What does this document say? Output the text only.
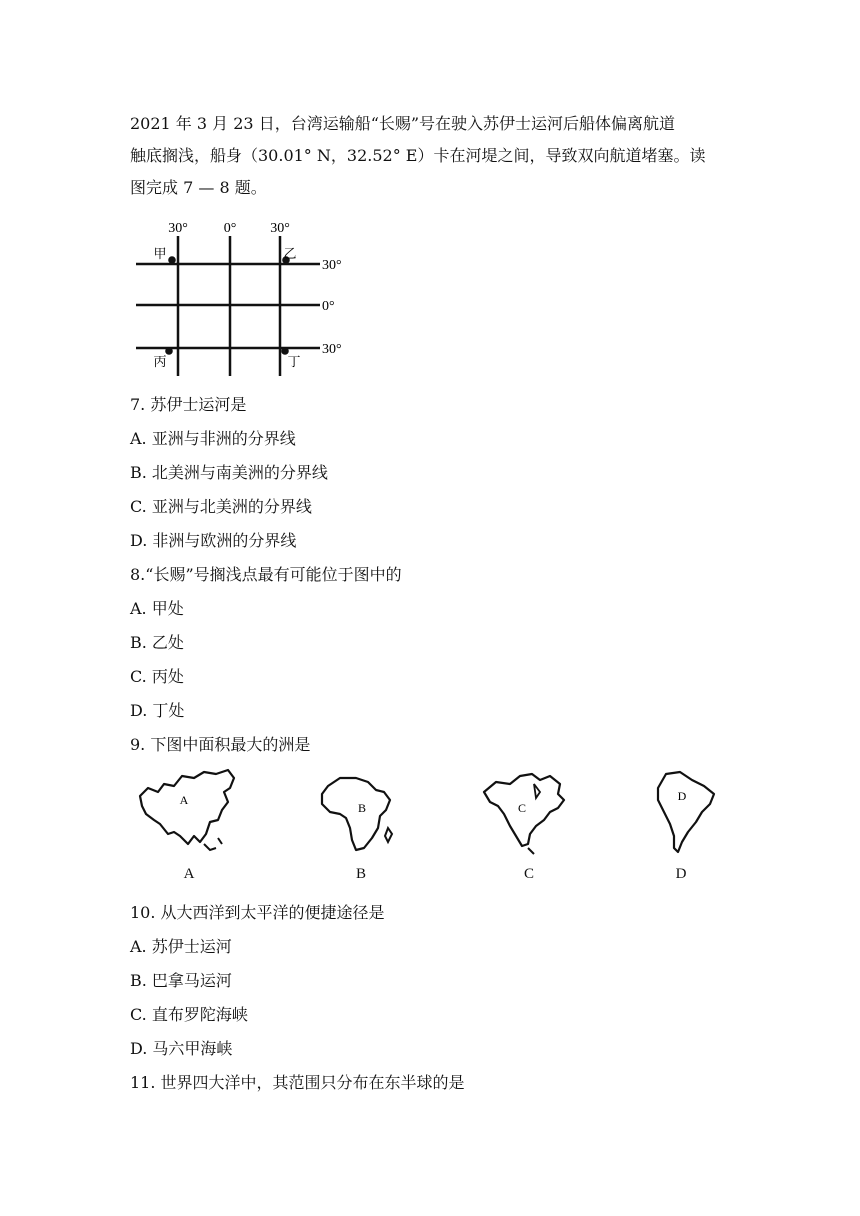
2021 年 3 月 23 日，台湾运输船“长赐”号在驶入苏伊士运河后船体偏离航道
触底搁浅，船身（30.01° N，32.52° E）卡在河堤之间，导致双向航道堵塞。读
图完成 7 — 8 题。
30°	0° 30°
30°
0°
30°
甲	乙
丙	丁
7. 苏伊士运河是
A. 亚洲与非洲的分界线
B. 北美洲与南美洲的分界线
C. 亚洲与北美洲的分界线
D. 非洲与欧洲的分界线
8.“长赐”号搁浅点最有可能位于图中的
A. 甲处
B. 乙处
C. 丙处
D. 丁处
9. 下图中面积最大的洲是
A
A
B
B
C
C
D
D
10. 从大西洋到太平洋的便捷途径是
A. 苏伊士运河
B. 巴拿马运河
C. 直布罗陀海峡
D. 马六甲海峡
11. 世界四大洋中，其范围只分布在东半球的是
